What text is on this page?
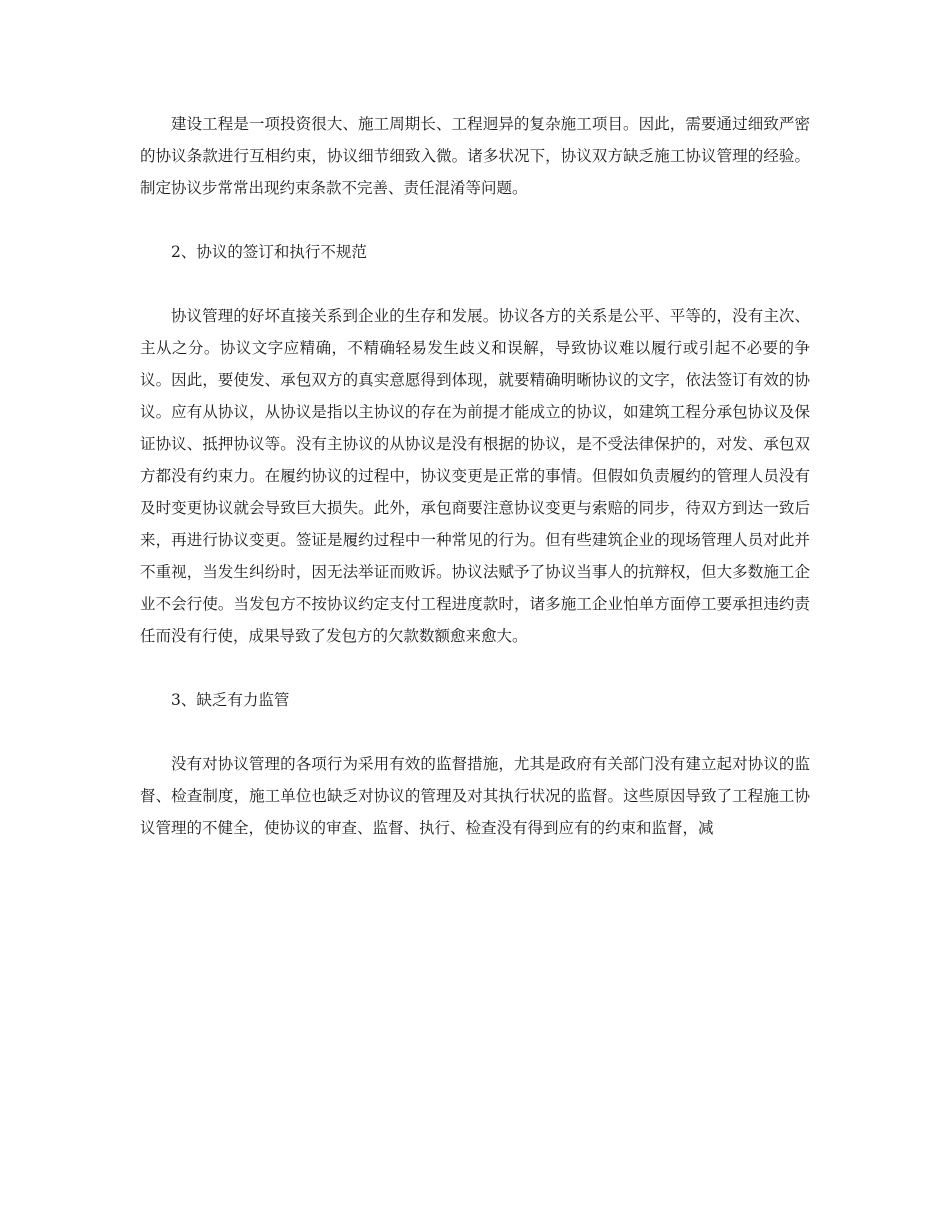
建设工程是一项投资很大、施工周期长、工程迥异的复杂施工项目。因此，需要通过细致严密的协议条款进行互相约束，协议细节细致入微。诸多状况下，协议双方缺乏施工协议管理的经验。制定协议步常常出现约束条款不完善、责任混淆等问题。

2、协议的签订和执行不规范

协议管理的好坏直接关系到企业的生存和发展。协议各方的关系是公平、平等的，没有主次、主从之分。协议文字应精确，不精确轻易发生歧义和误解，导致协议难以履行或引起不必要的争议。因此，要使发、承包双方的真实意愿得到体现，就要精确明晰协议的文字，依法签订有效的协议。应有从协议，从协议是指以主协议的存在为前提才能成立的协议，如建筑工程分承包协议及保证协议、抵押协议等。没有主协议的从协议是没有根据的协议，是不受法律保护的，对发、承包双方都没有约束力。在履约协议的过程中，协议变更是正常的事情。但假如负责履约的管理人员没有及时变更协议就会导致巨大损失。此外，承包商要注意协议变更与索赔的同步，待双方到达一致后来，再进行协议变更。签证是履约过程中一种常见的行为。但有些建筑企业的现场管理人员对此并不重视，当发生纠纷时，因无法举证而败诉。协议法赋予了协议当事人的抗辩权，但大多数施工企业不会行使。当发包方不按协议约定支付工程进度款时，诸多施工企业怕单方面停工要承担违约责任而没有行使，成果导致了发包方的欠款数额愈来愈大。

3、缺乏有力监管

没有对协议管理的各项行为采用有效的监督措施，尤其是政府有关部门没有建立起对协议的监督、检查制度，施工单位也缺乏对协议的管理及对其执行状况的监督。这些原因导致了工程施工协议管理的不健全，使协议的审查、监督、执行、检查没有得到应有的约束和监督，减
